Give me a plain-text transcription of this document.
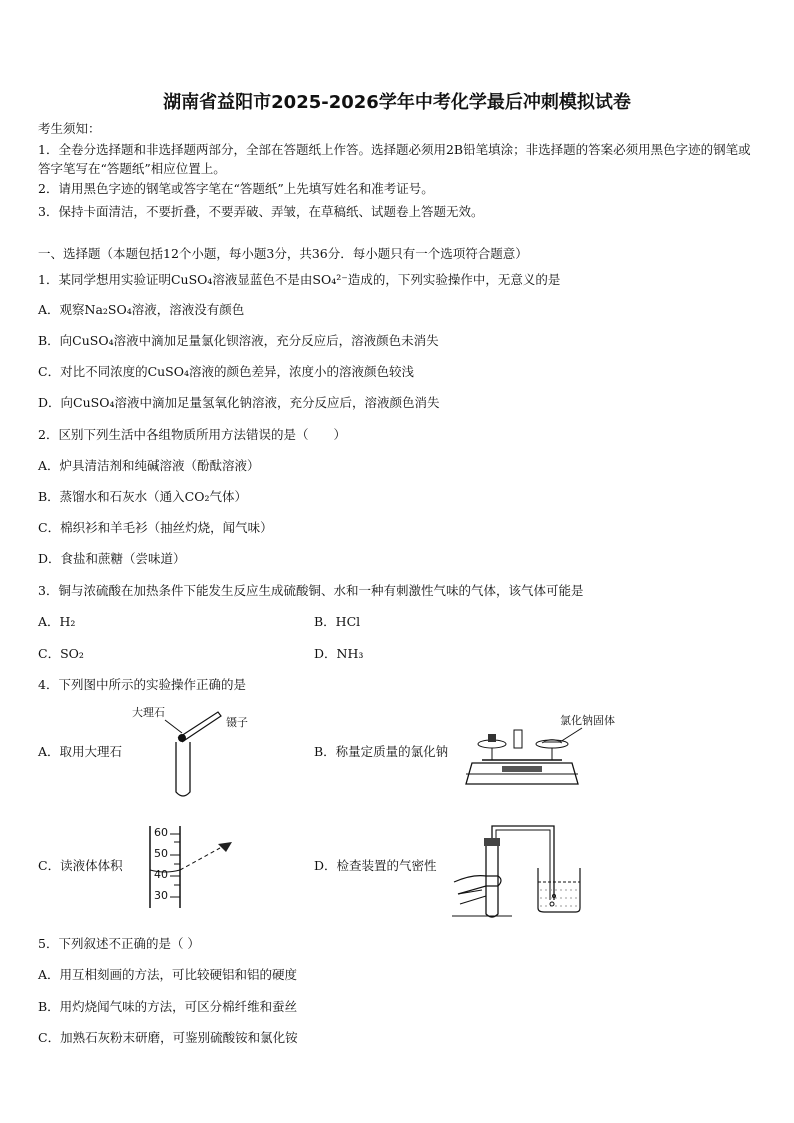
湖南省益阳市2025-2026学年中考化学最后冲刺模拟试卷
考生须知：
1．全卷分选择题和非选择题两部分，全部在答题纸上作答。选择题必须用2B铅笔填涂；非选择题的答案必须用黑色字迹的钢笔或答字笔写在“答题纸”相应位置上。
2．请用黑色字迹的钢笔或答字笔在“答题纸”上先填写姓名和准考证号。
3．保持卡面清洁，不要折叠，不要弄破、弄皱，在草稿纸、试题卷上答题无效。
一、选择题（本题包括12个小题，每小题3分，共36分．每小题只有一个选项符合题意）
1．某同学想用实验证明CuSO₄溶液显蓝色不是由SO₄²⁻造成的，下列实验操作中，无意义的是
A．观察Na₂SO₄溶液，溶液没有颜色
B．向CuSO₄溶液中滴加足量氯化钡溶液，充分反应后，溶液颜色未消失
C．对比不同浓度的CuSO₄溶液的颜色差异，浓度小的溶液颜色较浅
D．向CuSO₄溶液中滴加足量氢氧化钠溶液，充分反应后，溶液颜色消失
2．区别下列生活中各组物质所用方法错误的是（　　）
A．炉具清洁剂和纯碱溶液（酚酞溶液）
B．蒸馏水和石灰水（通入CO₂气体）
C．棉织衫和羊毛衫（抽丝灼烧，闻气味）
D．食盐和蔗糖（尝味道）
3．铜与浓硫酸在加热条件下能发生反应生成硫酸铜、水和一种有刺激性气味的气体，该气体可能是
A．H₂	B．HCl
C．SO₂	D．NH₃
4．下列图中所示的实验操作正确的是
A．取用大理石	B．称量定质量的氯化钠
C．读液体体积	D．检查装置的气密性
大理石
镊子	氯化钠固体
60
50
40
30
5．下列叙述不正确的是（ ）
A．用互相刻画的方法，可比较硬铝和铝的硬度
B．用灼烧闻气味的方法，可区分棉纤维和蚕丝
C．加熟石灰粉末研磨，可鉴别硫酸铵和氯化铵
